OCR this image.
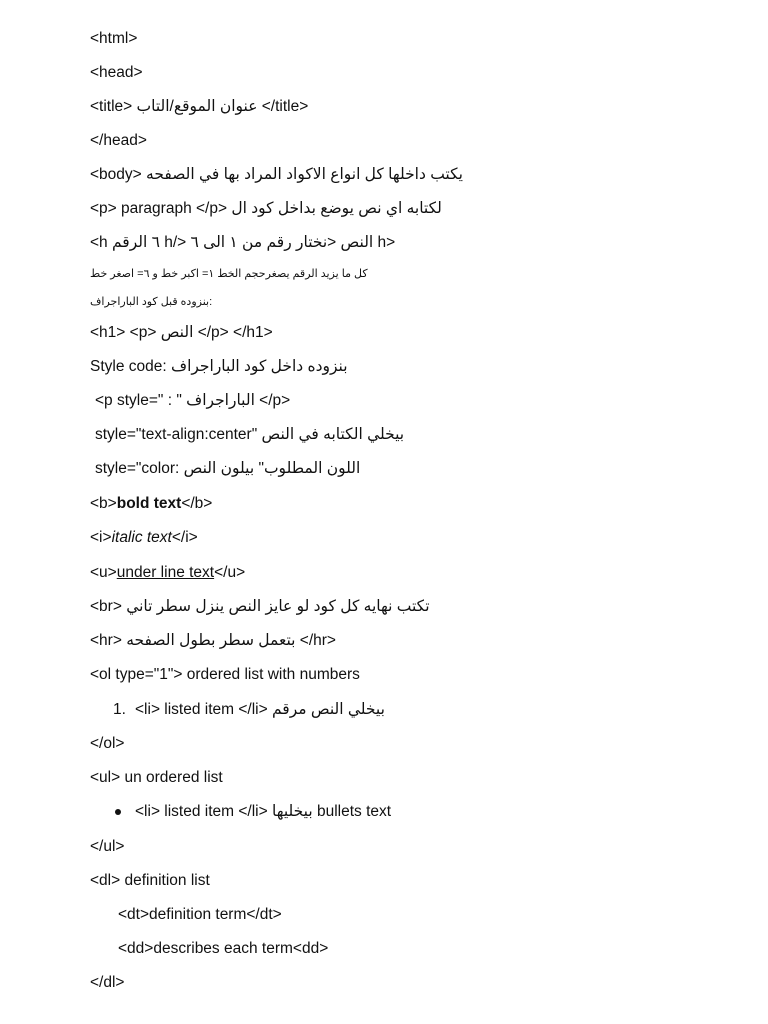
<html>
<head>
<title> عنوان الموقع/التاب </title>
</head>
<body> يكتب داخلها كل انواع الاكواد المراد بها في الصفحه
<p> paragraph </p> لكتابه اي نص يوضع بداخل كود ال
<h ٦ الرقم h/> النص <نختار رقم من ١ الى ٦ h>
كل ما يزيد الرقم يصغرحجم الخط ١= اكبر خط و ٦= اصغر خط
بنزوده قبل كود الباراجراف:
<h1> <p> النص </p> </h1>
Style code: بنزوده داخل كود الباراجراف
<p style=" : " الباراجراف </p>
style="text-align:center" بيخلي الكتابه في النص
style="color: اللون المطلوب" بيلون النص
<b>bold text</b>
<i>italic text</i>
<u>under line text</u>
<br> تكتب نهايه كل كود لو عايز النص ينزل سطر تاني
<hr> بتعمل سطر بطول الصفحه </hr>
<ol type="1"> ordered list with numbers
1. <li> listed item </li> بيخلي النص مرقم
</ol>
<ul> un ordered list
<li> listed item </li> بيخليها bullets text
</ul>
<dl> definition list
<dt>definition term</dt>
<dd>describes each term<dd>
</dl>
